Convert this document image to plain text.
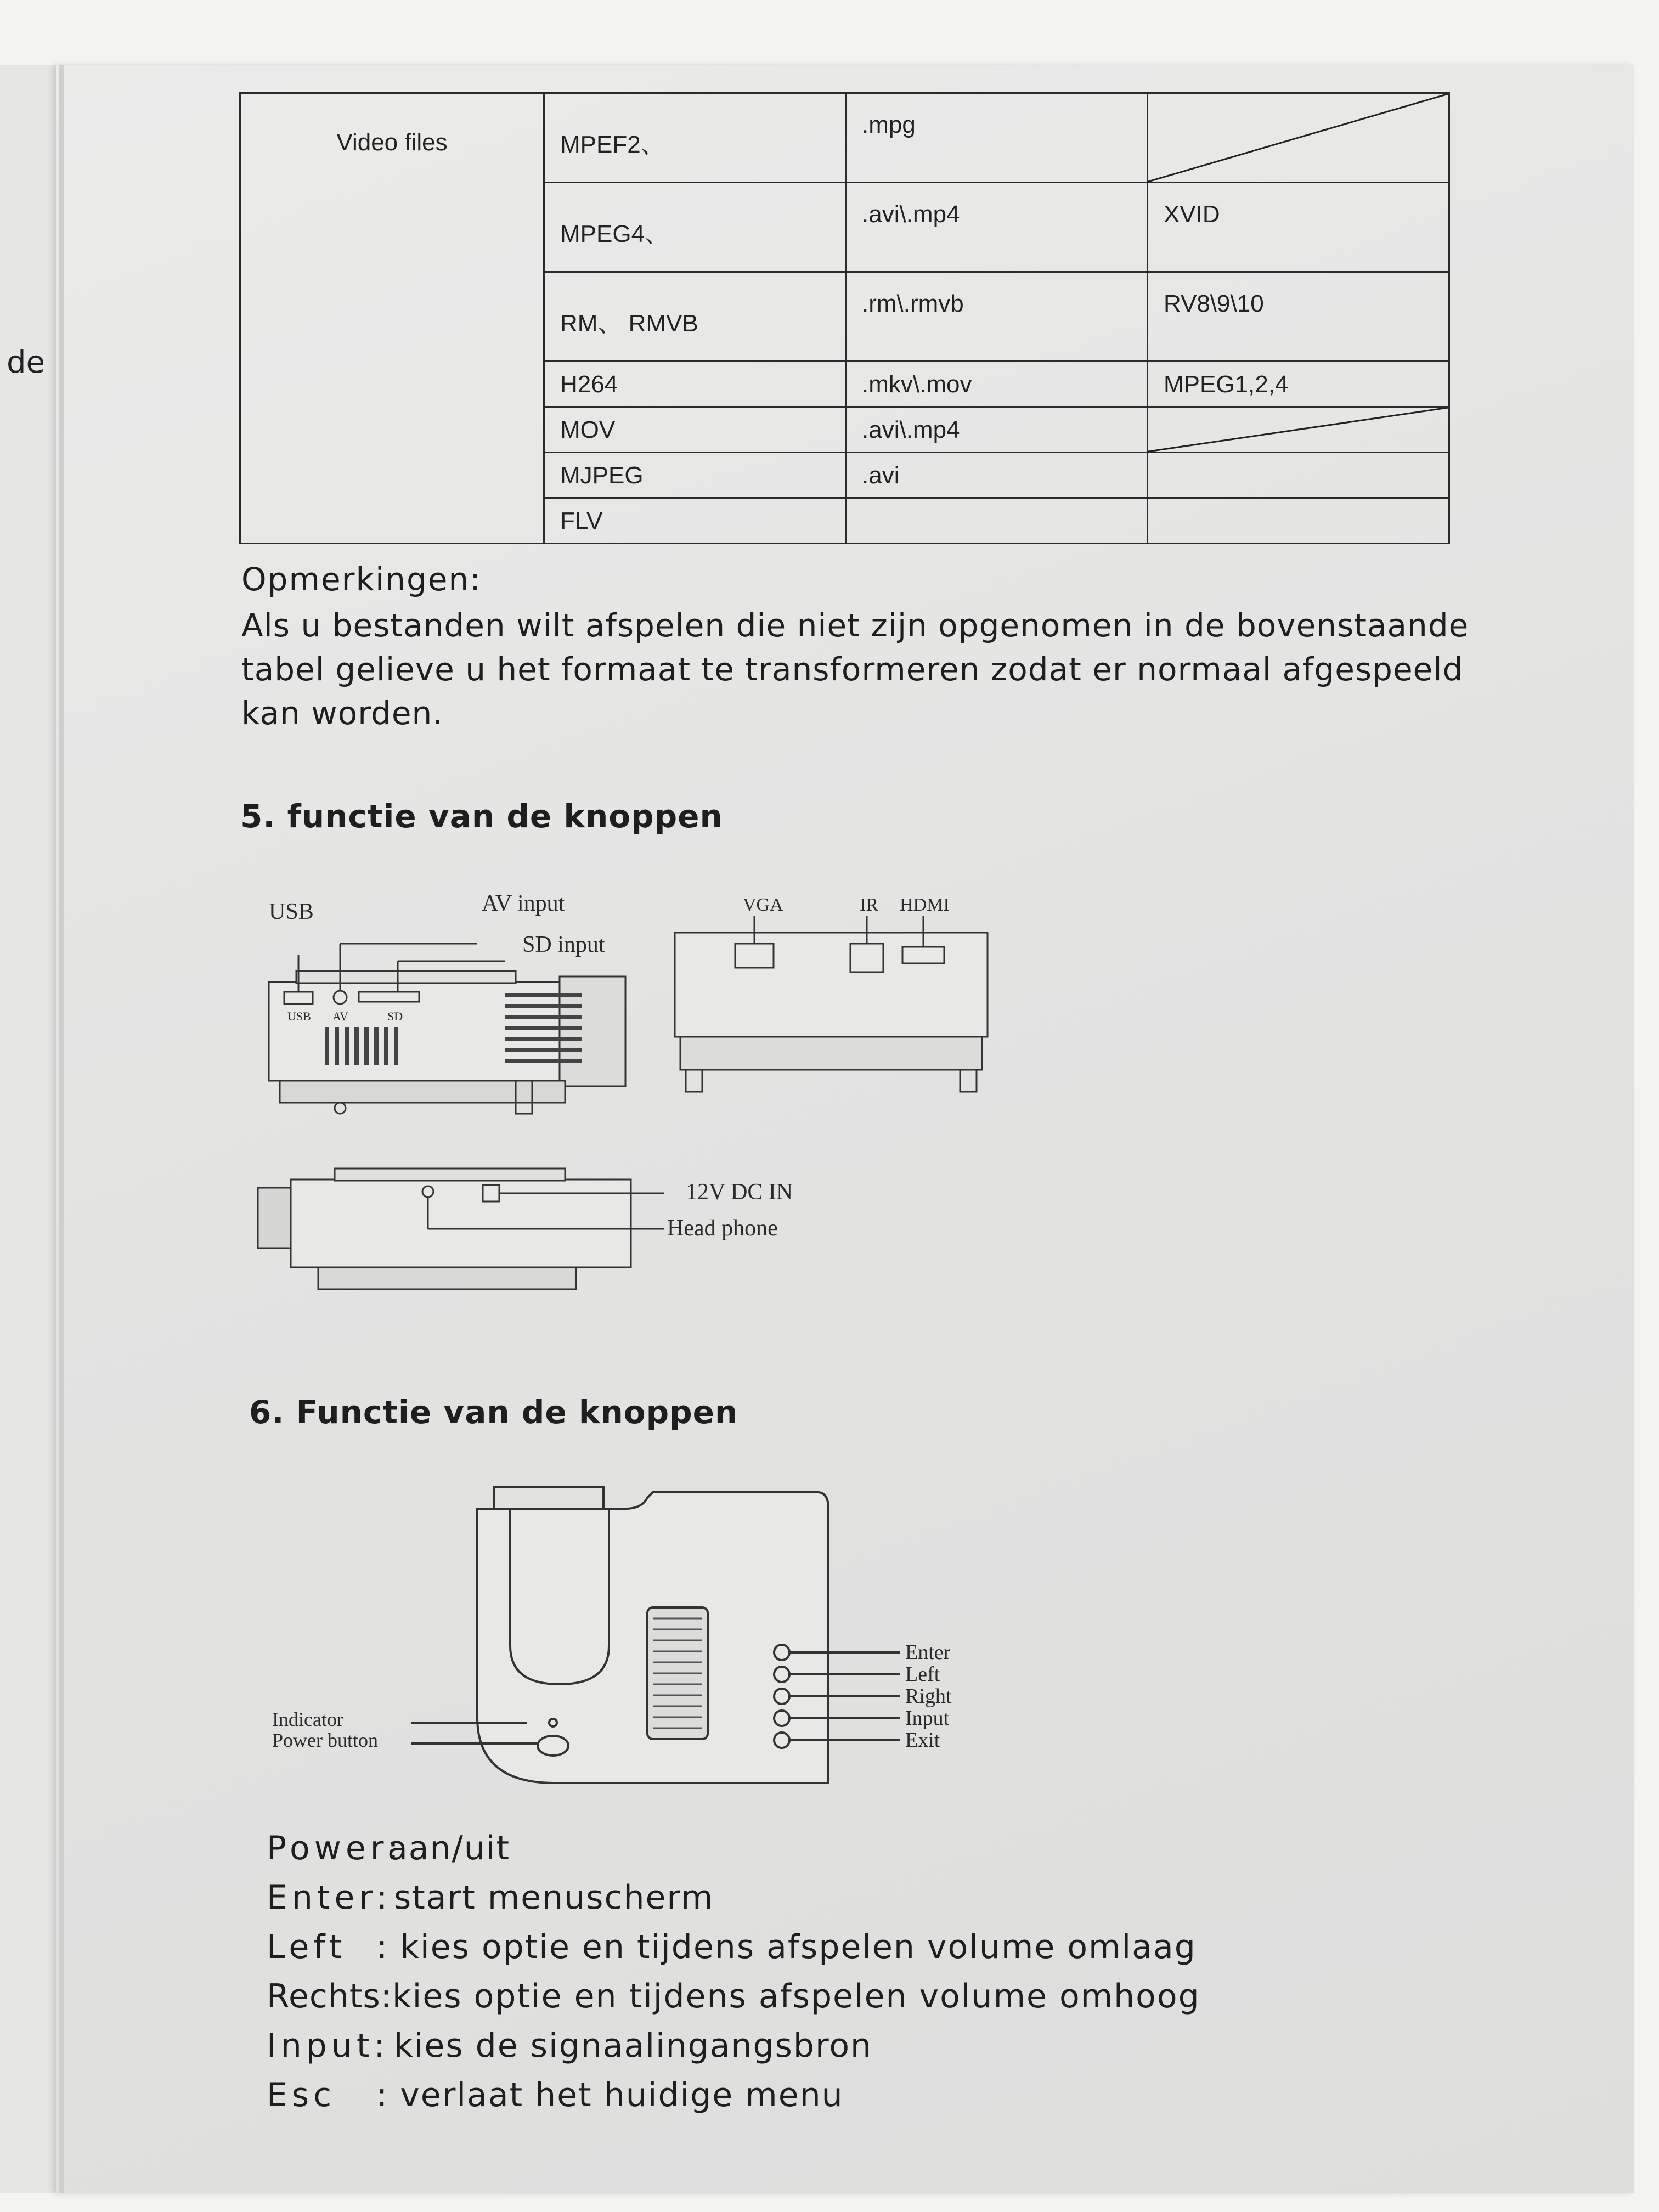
de
Video files	MPEF2、	.mpg

	MPEG4、	.avi\.mp4	XVID

	RM、 RMVB	.rm\.rmvb	RV8\9\10

	H264	.mkv\.mov	MPEG1,2,4

	MOV	.avi\.mp4

	MJPEG	.avi	

	FLV		

Opmerkingen:
Als u bestanden wilt afspelen die niet zijn opgenomen in de bovenstaande
tabel gelieve u het formaat te transformeren zodat er normaal afgespeeld
kan worden.
5. functie van de knoppen
USB	AV input
SD input
USB AV	SD
VGA	IR HDMI
12V DC IN
Head phone
6. Functie van de knoppen
Enter
Left
Right
Input
Exit
Indicator
Power button
Power:
aan/uit
Enter: start menuscherm
Left : kies optie en tijdens afspelen volume omlaag
Rechts: kies optie en tijdens afspelen volume omhoog
Input: kies de signaalingangsbron
Esc	: verlaat het huidige menu
